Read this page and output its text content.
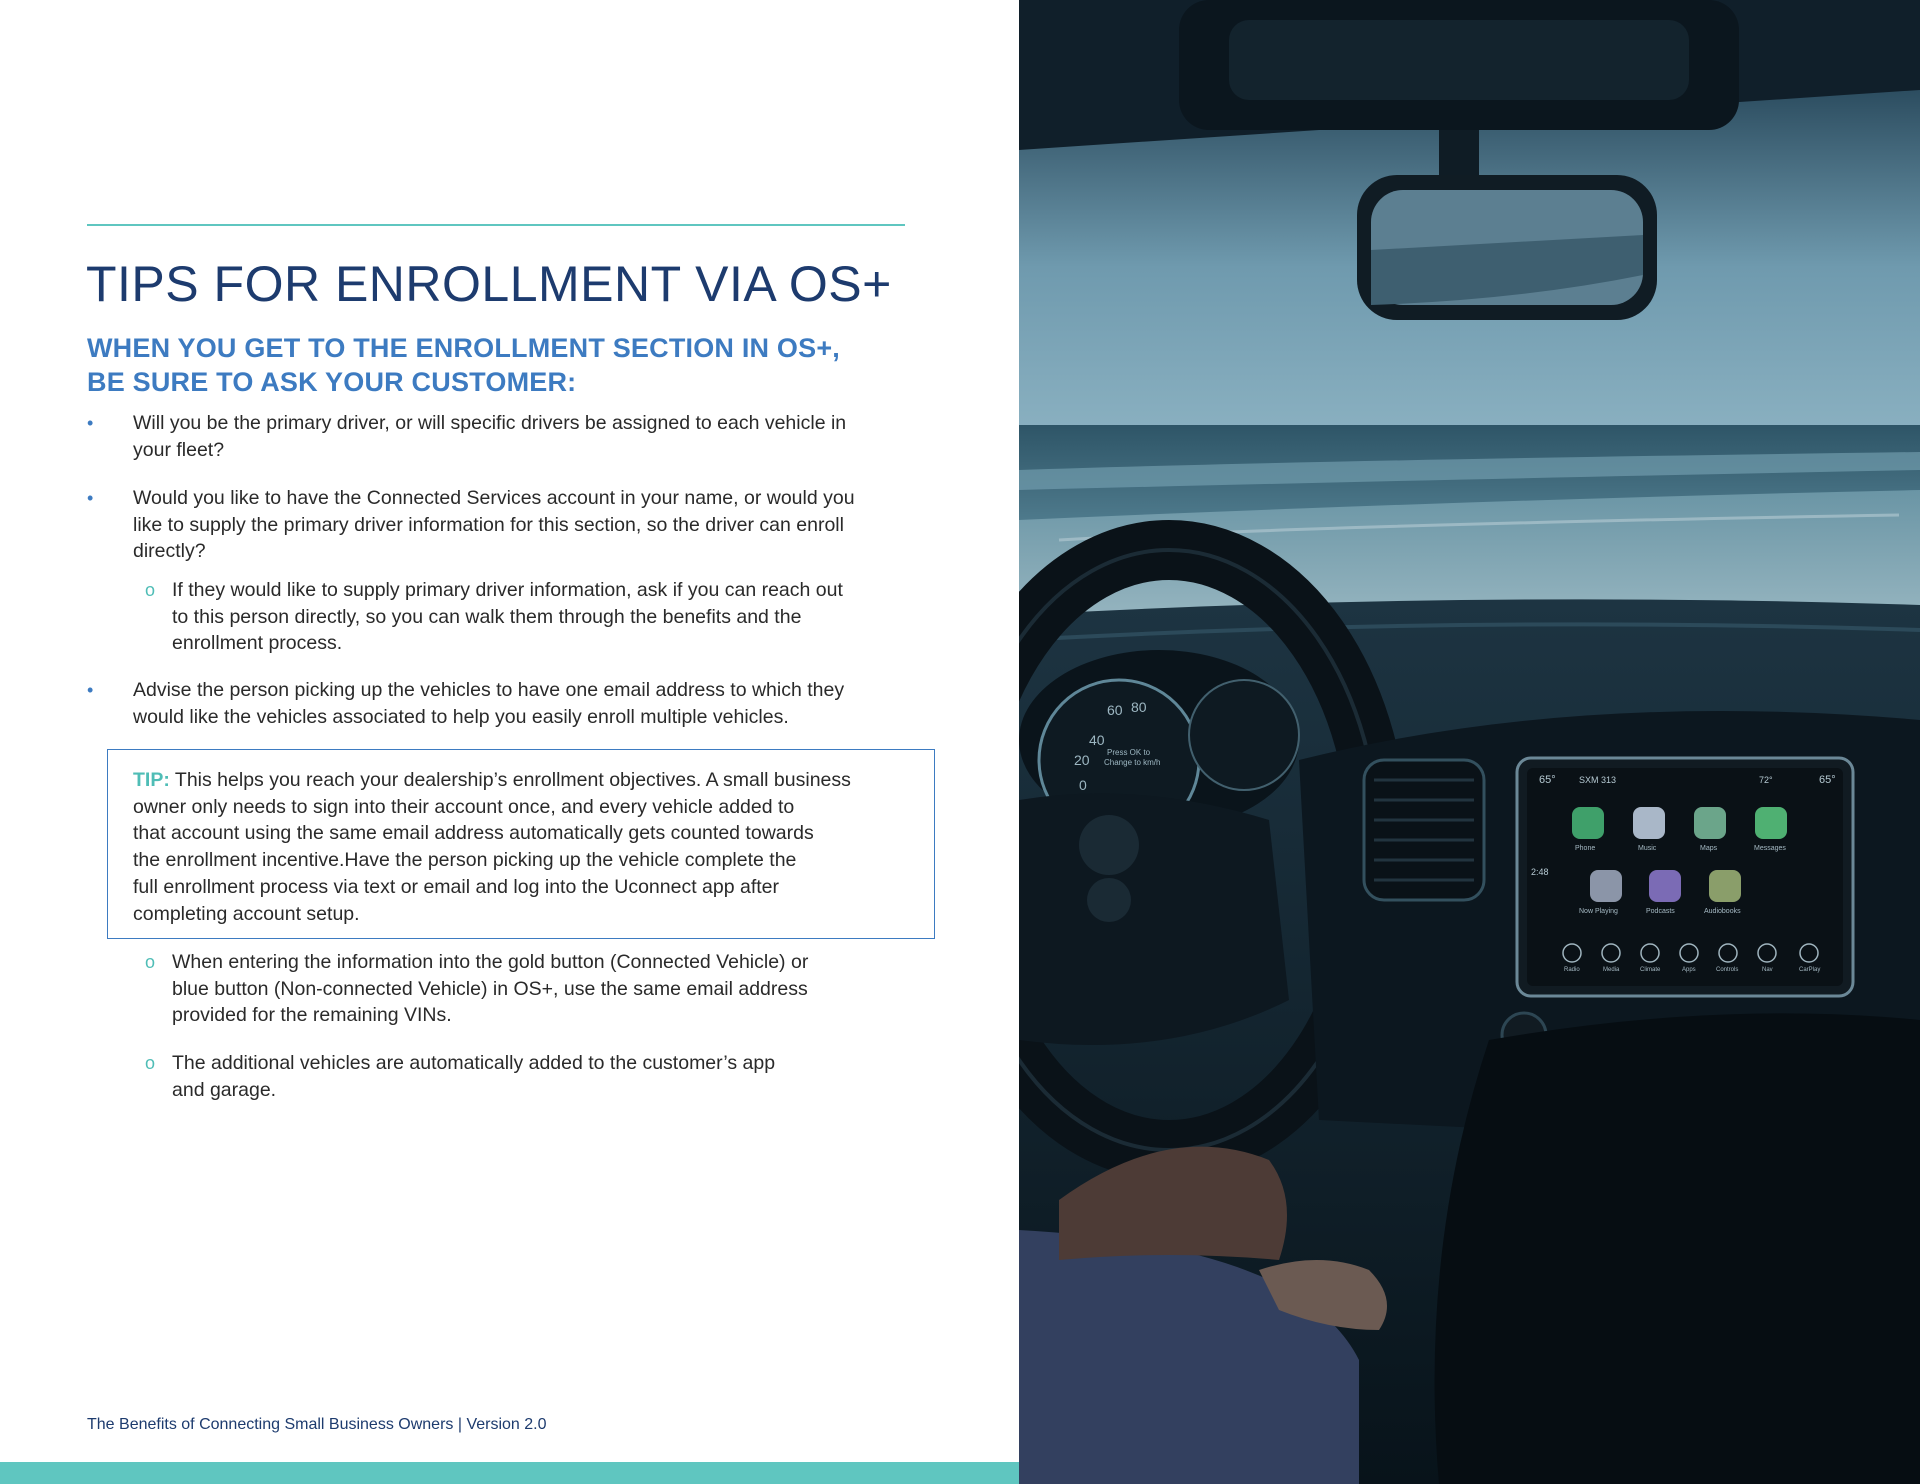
TIPS FOR ENROLLMENT VIA OS+
WHEN YOU GET TO THE ENROLLMENT SECTION IN OS+,
BE SURE TO ASK YOUR CUSTOMER:
•	Will you be the primary driver, or will specific drivers be assigned to each vehicle in
your fleet?
•	Would you like to have the Connected Services account in your name, or would you
like to supply the primary driver information for this section, so the driver can enroll
directly?
o If they would like to supply primary driver information, ask if you can reach out
to this person directly, so you can walk them through the benefits and the
enrollment process.
•	Advise the person picking up the vehicles to have one email address to which they
would like the vehicles associated to help you easily enroll multiple vehicles.
TIP: This helps you reach your dealership’s enrollment objectives. A small business
owner only needs to sign into their account once, and every vehicle added to
that account using the same email address automatically gets counted towards
the enrollment incentive.Have the person picking up the vehicle complete the
full enrollment process via text or email and log into the Uconnect app after
completing account setup.
o When entering the information into the gold button (Connected Vehicle) or
blue button (Non-connected Vehicle) in OS+, use the same email address
provided for the remaining VINs.
o The additional vehicles are automatically added to the customer’s app
and garage.

The Benefits of Connecting Small Business Owners | Version 2.0

60
40
20
0
80
Press OK to
Change to km/h
65°	SXM 313	72°	65°
2:48
Phone	Music	Maps	Messages
Now Playing	Podcasts	Audiobooks
Radio	Media	Climate	Apps	Controls	Nav	CarPlay
